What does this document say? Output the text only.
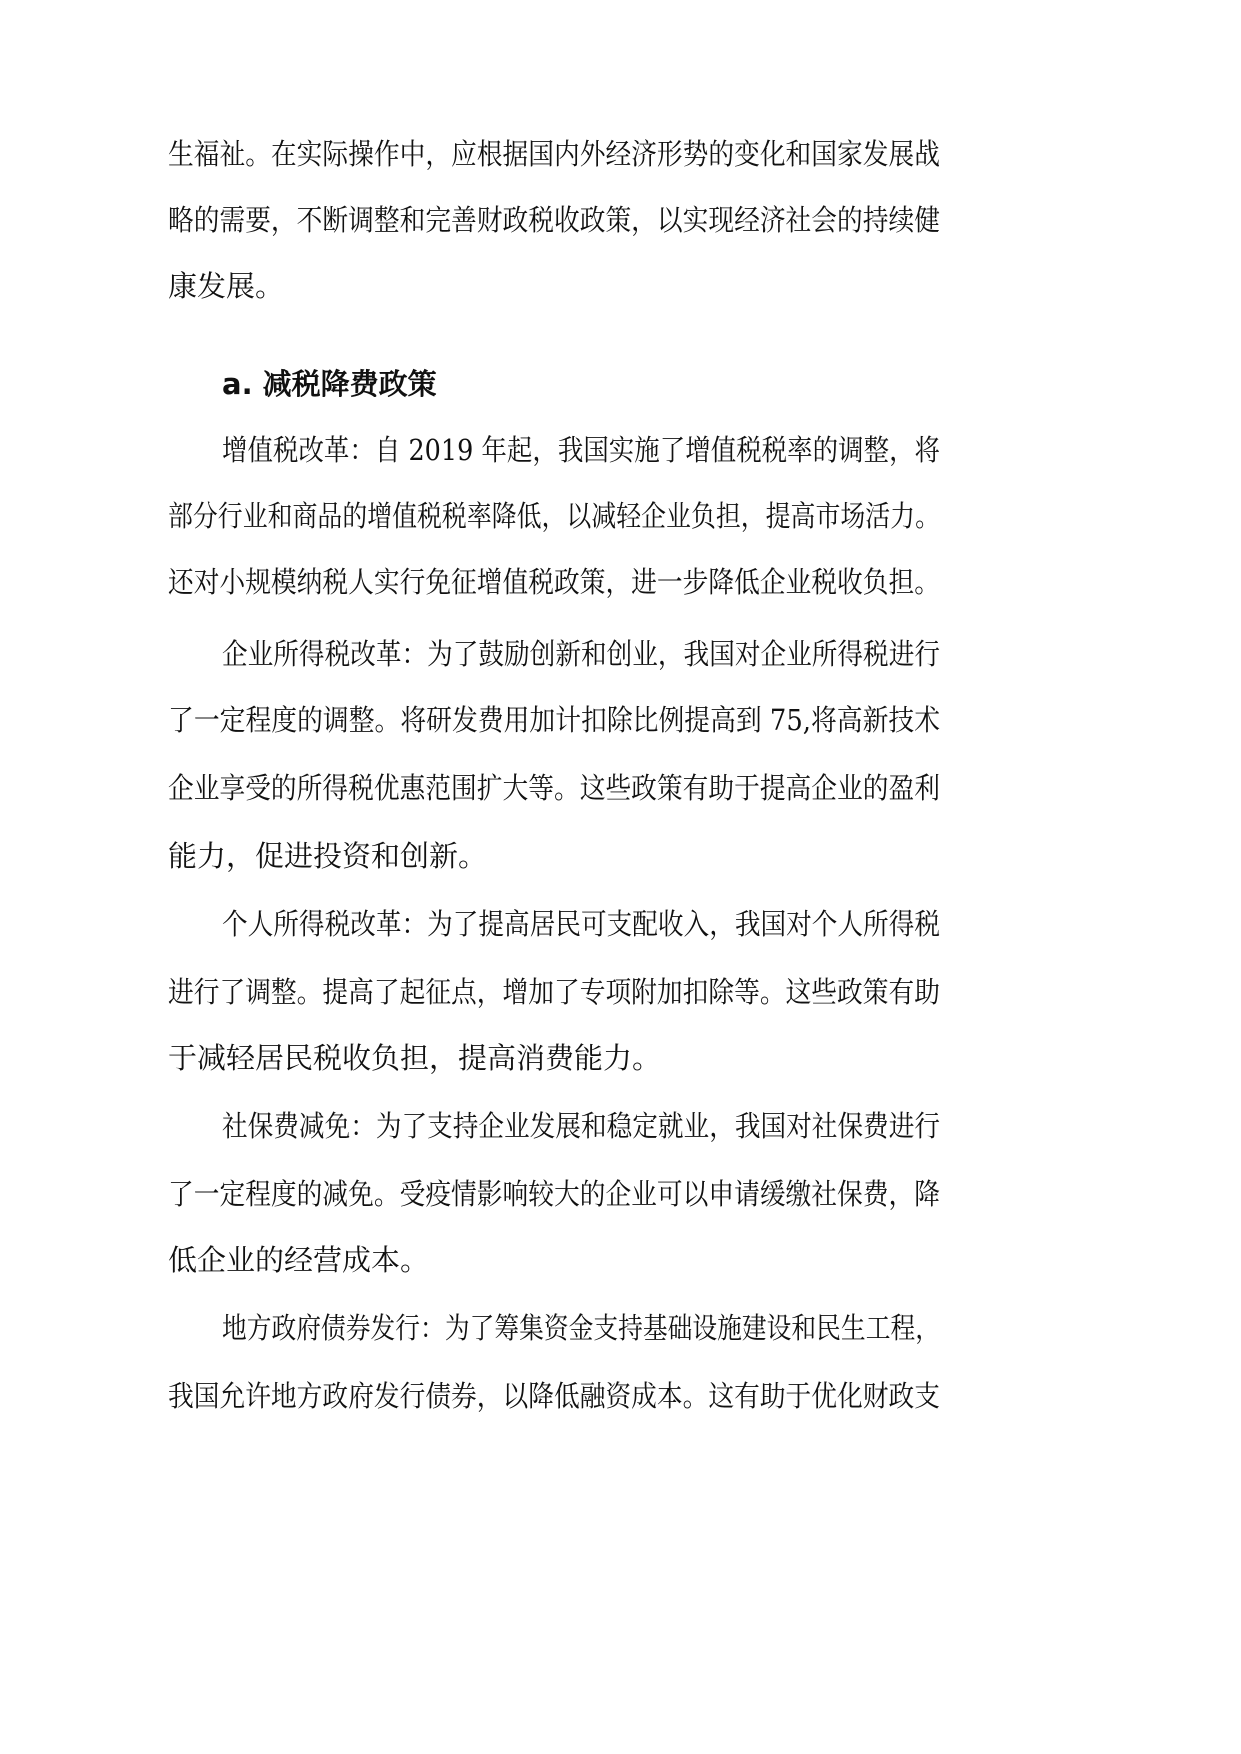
生福祉。在实际操作中，应根据国内外经济形势的变化和国家发展战
略的需要，不断调整和完善财政税收政策，以实现经济社会的持续健
康发展。
a. 减税降费政策
增值税改革：自 2019 年起，我国实施了增值税税率的调整，将
部分行业和商品的增值税税率降低，以减轻企业负担，提高市场活力。
还对小规模纳税人实行免征增值税政策，进一步降低企业税收负担。
企业所得税改革：为了鼓励创新和创业，我国对企业所得税进行
了一定程度的调整。将研发费用加计扣除比例提高到 75,将高新技术
企业享受的所得税优惠范围扩大等。这些政策有助于提高企业的盈利
能力，促进投资和创新。
个人所得税改革：为了提高居民可支配收入，我国对个人所得税
进行了调整。提高了起征点，增加了专项附加扣除等。这些政策有助
于减轻居民税收负担，提高消费能力。
社保费减免：为了支持企业发展和稳定就业，我国对社保费进行
了一定程度的减免。受疫情影响较大的企业可以申请缓缴社保费，降
低企业的经营成本。
地方政府债券发行：为了筹集资金支持基础设施建设和民生工程，
我国允许地方政府发行债券，以降低融资成本。这有助于优化财政支
